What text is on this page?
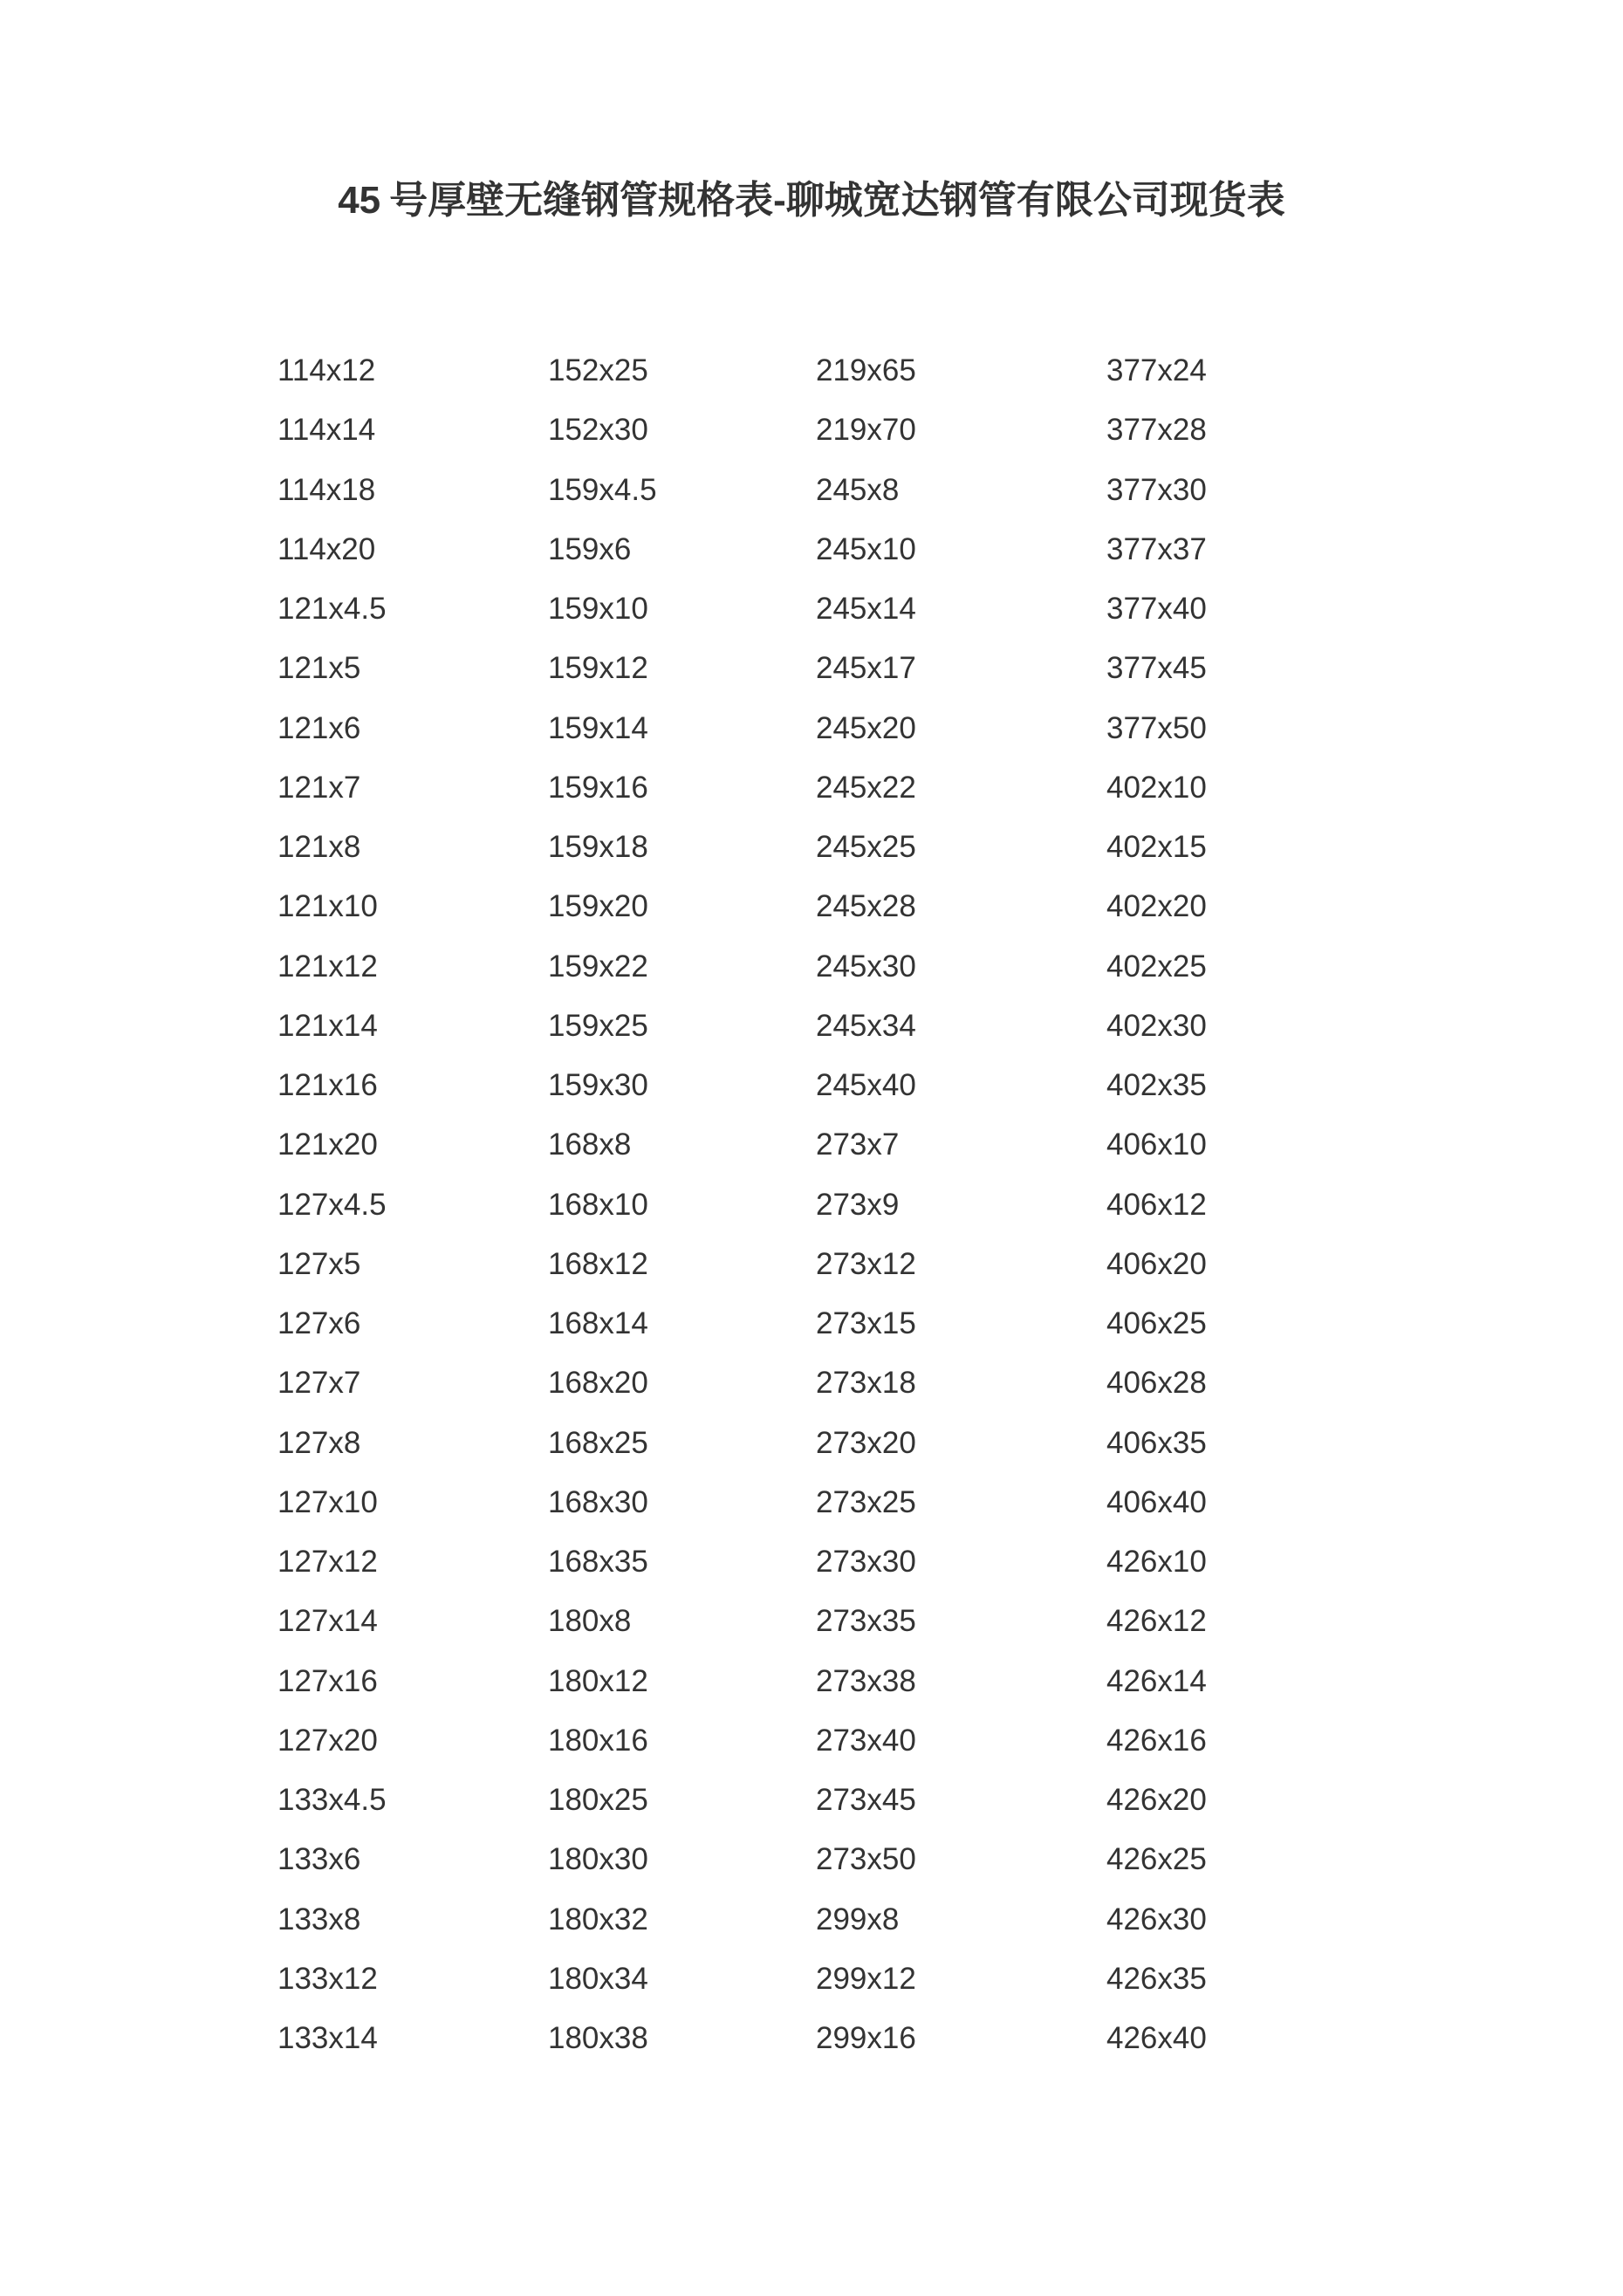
45 号厚壁无缝钢管规格表-聊城宽达钢管有限公司现货表
114x12	152x25	219x65	377x24
114x14	152x30	219x70	377x28
114x18	159x4.5	245x8	377x30
114x20	159x6	245x10	377x37
121x4.5	159x10	245x14	377x40
121x5	159x12	245x17	377x45
121x6	159x14	245x20	377x50
121x7	159x16	245x22	402x10
121x8	159x18	245x25	402x15
121x10	159x20	245x28	402x20
121x12	159x22	245x30	402x25
121x14	159x25	245x34	402x30
121x16	159x30	245x40	402x35
121x20	168x8	273x7	406x10
127x4.5	168x10	273x9	406x12
127x5	168x12	273x12	406x20
127x6	168x14	273x15	406x25
127x7	168x20	273x18	406x28
127x8	168x25	273x20	406x35
127x10	168x30	273x25	406x40
127x12	168x35	273x30	426x10
127x14	180x8	273x35	426x12
127x16	180x12	273x38	426x14
127x20	180x16	273x40	426x16
133x4.5	180x25	273x45	426x20
133x6	180x30	273x50	426x25
133x8	180x32	299x8	426x30
133x12	180x34	299x12	426x35
133x14	180x38	299x16	426x40
